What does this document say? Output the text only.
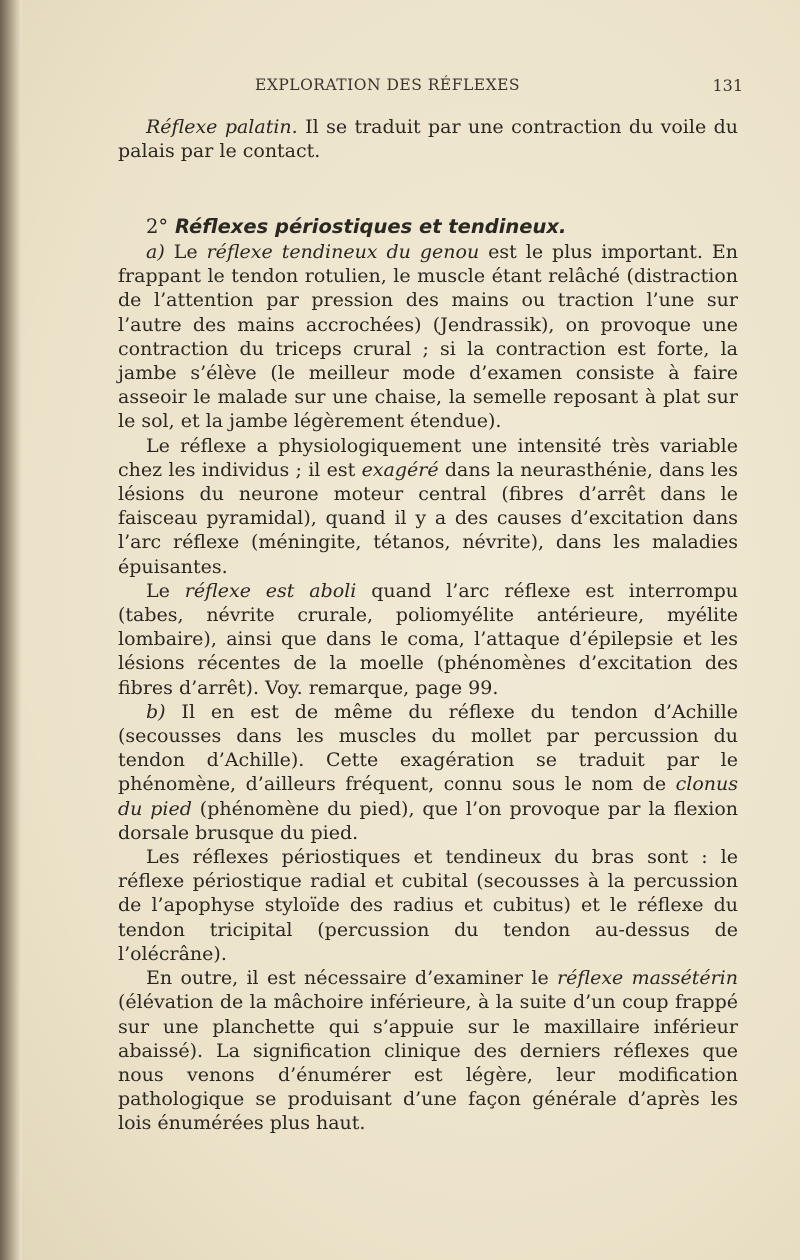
EXPLORATION DES RÉFLEXES	131

Réflexe palatin. Il se traduit par une contraction du voile du palais par le contact.

2° Réflexes périostiques et tendineux.

a) Le réflexe tendineux du genou est le plus important. En frappant le tendon rotulien, le muscle étant relâché (distraction de l’attention par pression des mains ou traction l’une sur l’autre des mains accrochées) (Jendrassik), on provoque une contraction du triceps crural ; si la contraction est forte, la jambe s’élève (le meilleur mode d’examen consiste à faire asseoir le malade sur une chaise, la semelle reposant à plat sur le sol, et la jambe légèrement étendue).

Le réflexe a physiologiquement une intensité très variable chez les individus ; il est exagéré dans la neurasthénie, dans les lésions du neurone moteur central (fibres d’arrêt dans le faisceau pyramidal), quand il y a des causes d’excitation dans l’arc réflexe (méningite, tétanos, névrite), dans les maladies épuisantes.

Le réflexe est aboli quand l’arc réflexe est interrompu (tabes, névrite crurale, poliomyélite antérieure, myélite lombaire), ainsi que dans le coma, l’attaque d’épilepsie et les lésions récentes de la moelle (phénomènes d’excitation des fibres d’arrêt). Voy. remarque, page 99.

b) Il en est de même du réflexe du tendon d’Achille (secousses dans les muscles du mollet par percussion du tendon d’Achille). Cette exagération se traduit par le phénomène, d’ailleurs fréquent, connu sous le nom de clonus du pied (phénomène du pied), que l’on provoque par la flexion dorsale brusque du pied.

Les réflexes périostiques et tendineux du bras sont : le réflexe périostique radial et cubital (secousses à la percussion de l’apophyse styloïde des radius et cubitus) et le réflexe du tendon tricipital (percussion du tendon au-dessus de l’olécrâne).

En outre, il est nécessaire d’examiner le réflexe massétérin (élévation de la mâchoire inférieure, à la suite d’un coup frappé sur une planchette qui s’appuie sur le maxillaire inférieur abaissé). La signification clinique des derniers réflexes que nous venons d’énumérer est légère, leur modification pathologique se produisant d’une façon générale d’après les lois énumérées plus haut.
